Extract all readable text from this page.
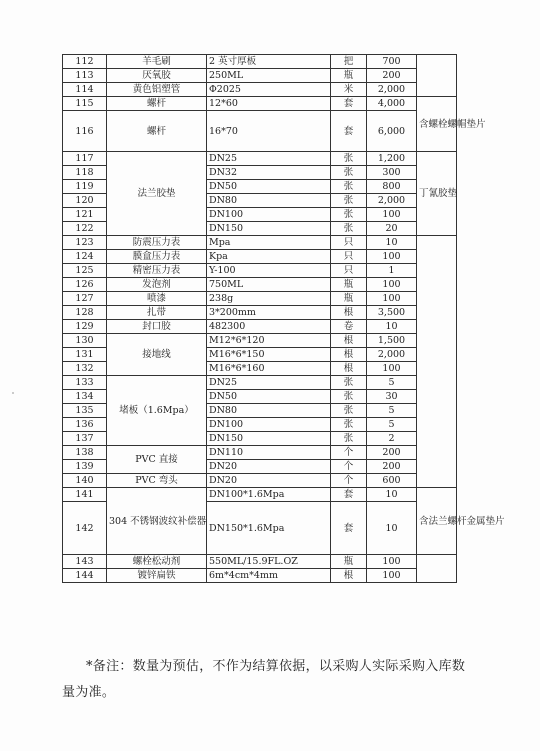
112	羊毛刷	2 英寸厚板	把	700	
113	厌氧胶	250ML	瓶	200	
114	黄色铝塑管	Φ2025	米	2,000	
115	螺杆	12*60	套	4,000	含螺栓螺帽垫片
116	螺杆	16*70	套	6,000	
117	法兰胶垫	DN25	张	1,200	丁氰胶垫
118		DN32	张	300	
119		DN50	张	800	
120		DN80	张	2,000	
121		DN100	张	100	
122		DN150	张	20	
123	防震压力表	Mpa	只	10	
124	膜盒压力表	Kpa	只	100	
125	精密压力表	Y-100	只	1	
126	发泡剂	750ML	瓶	100	
127	喷漆	238g	瓶	100	
128	扎带	3*200mm	根	3,500	
129	封口胶	482300	卷	10	
130	接地线	M12*6*120	根	1,500	
131		M16*6*150	根	2,000	
132		M16*6*160	根	100	
133	堵板（1.6Mpa）	DN25	张	5	
134		DN50	张	30	
135		DN80	张	5	
136		DN100	张	5	
137		DN150	张	2	
138	PVC 直接	DN110	个	200	
139		DN20	个	200	
140	PVC 弯头	DN20	个	600	
141	304 不锈钢波纹补偿器	DN100*1.6Mpa	套	10	含法兰螺杆金属垫片
142		DN150*1.6Mpa	套	10	
143	螺栓松动剂	550ML/15.9FL.OZ	瓶	100	
144	镀锌扁铁	6m*4cm*4mm	根	100	
*备注：数量为预估，不作为结算依据，以采购人实际采购入库数量为准。
